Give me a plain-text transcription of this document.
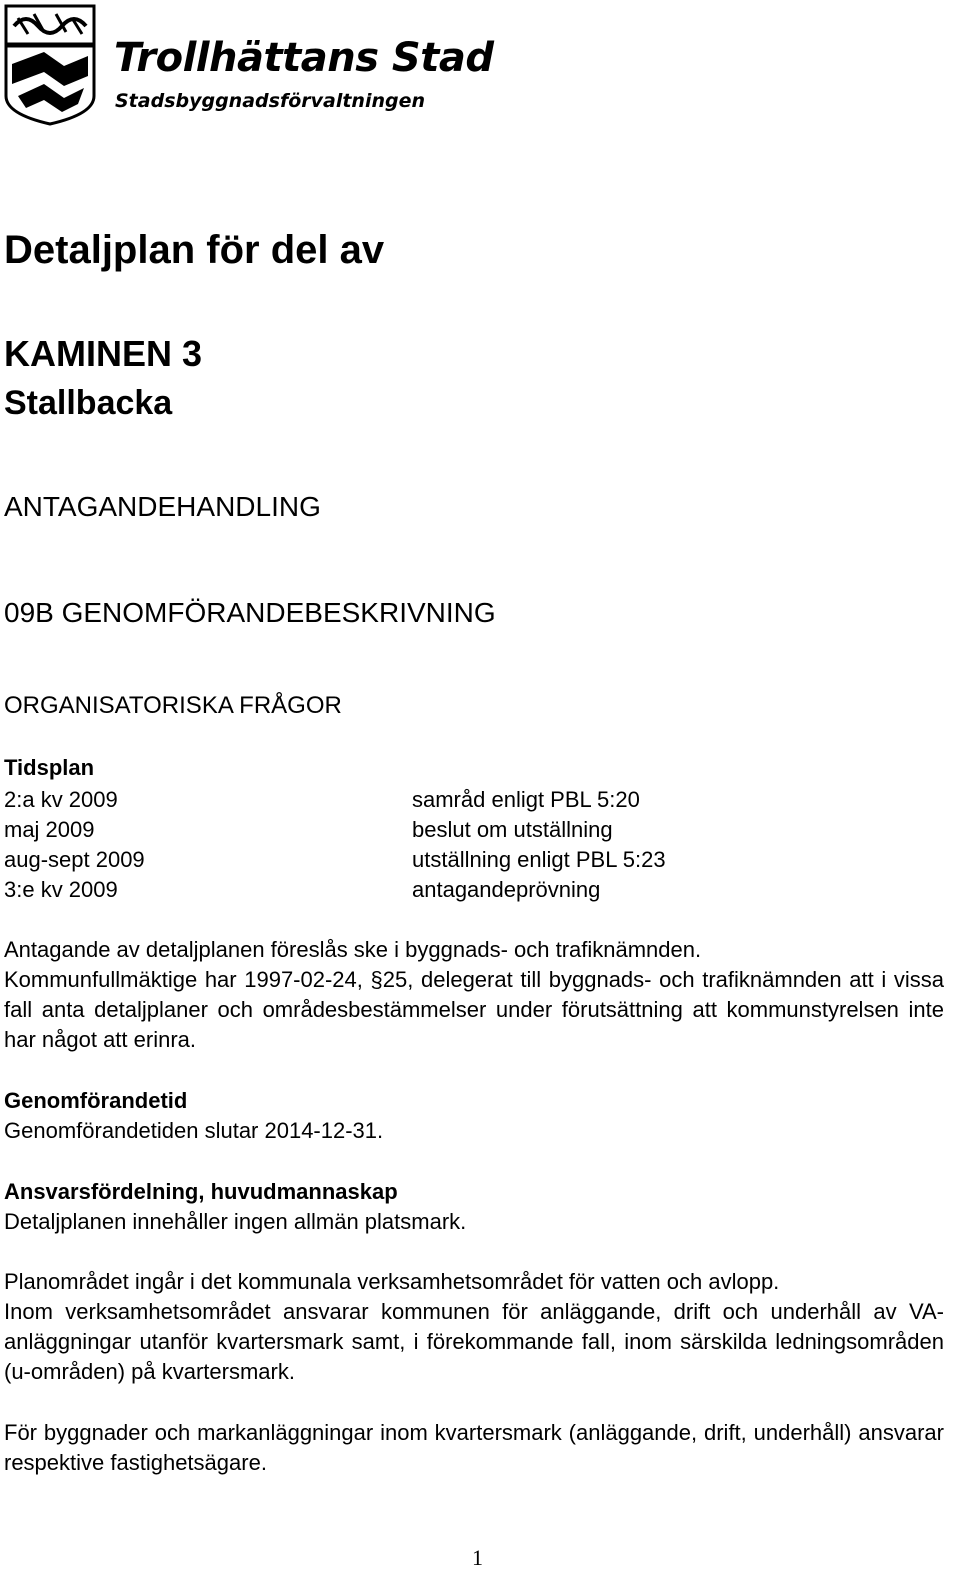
Trollhättans Stad
Stadsbyggnadsförvaltningen
Detaljplan för del av
KAMINEN 3
Stallbacka
ANTAGANDEHANDLING
09B GENOMFÖRANDEBESKRIVNING
ORGANISATORISKA FRÅGOR
Tidsplan
2:a kv 2009	samråd enligt PBL 5:20
maj 2009	beslut om utställning
aug-sept 2009	utställning enligt PBL 5:23
3:e kv 2009	antagandeprövning
Antagande av detaljplanen föreslås ske i byggnads- och trafiknämnden.
Kommunfullmäktige har 1997-02-24, §25, delegerat till byggnads- och trafiknämnden att i vissa fall anta detaljplaner och områdesbestämmelser under förutsättning att kommunstyrelsen inte har något att erinra.
Genomförandetid
Genomförandetiden slutar 2014-12-31.
Ansvarsfördelning, huvudmannaskap
Detaljplanen innehåller ingen allmän platsmark.
Planområdet ingår i det kommunala verksamhetsområdet för vatten och avlopp.
Inom verksamhetsområdet ansvarar kommunen för anläggande, drift och underhåll av VA-anläggningar utanför kvartersmark samt, i förekommande fall, inom särskilda ledningsområden (u-områden) på kvartersmark.
För byggnader och markanläggningar inom kvartersmark (anläggande, drift, underhåll) ansvarar respektive fastighetsägare.
1
